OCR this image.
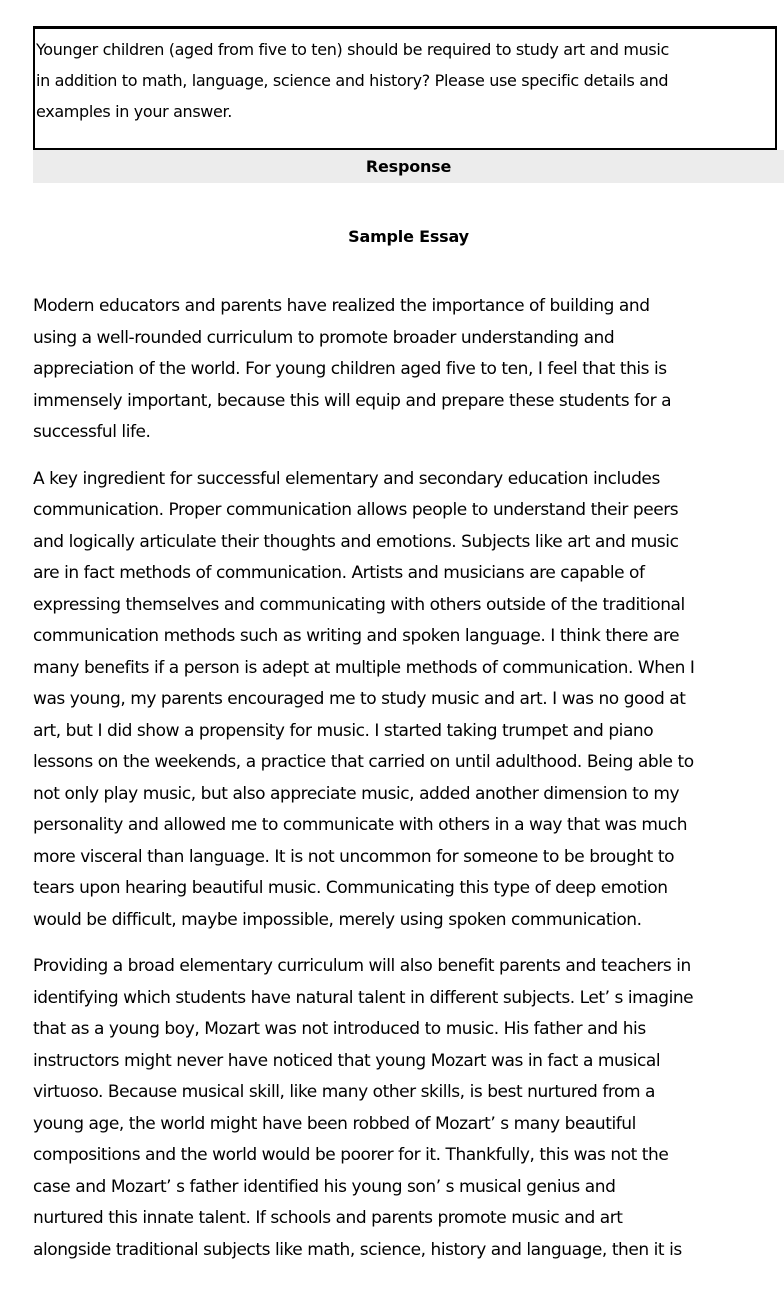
Younger children (aged from five to ten) should be required to study art and music
in addition to math, language, science and history? Please use specific details and
examples in your answer.
Response
Sample Essay
Modern educators and parents have realized the importance of building and
using a well-rounded curriculum to promote broader understanding and
appreciation of the world. For young children aged five to ten, I feel that this is
immensely important, because this will equip and prepare these students for a
successful life.
A key ingredient for successful elementary and secondary education includes
communication. Proper communication allows people to understand their peers
and logically articulate their thoughts and emotions. Subjects like art and music
are in fact methods of communication. Artists and musicians are capable of
expressing themselves and communicating with others outside of the traditional
communication methods such as writing and spoken language. I think there are
many benefits if a person is adept at multiple methods of communication. When I
was young, my parents encouraged me to study music and art. I was no good at
art, but I did show a propensity for music. I started taking trumpet and piano
lessons on the weekends, a practice that carried on until adulthood. Being able to
not only play music, but also appreciate music, added another dimension to my
personality and allowed me to communicate with others in a way that was much
more visceral than language. It is not uncommon for someone to be brought to
tears upon hearing beautiful music. Communicating this type of deep emotion
would be difficult, maybe impossible, merely using spoken communication.
Providing a broad elementary curriculum will also benefit parents and teachers in
identifying which students have natural talent in different subjects. Let’ s imagine
that as a young boy, Mozart was not introduced to music. His father and his
instructors might never have noticed that young Mozart was in fact a musical
virtuoso. Because musical skill, like many other skills, is best nurtured from a
young age, the world might have been robbed of Mozart’ s many beautiful
compositions and the world would be poorer for it. Thankfully, this was not the
case and Mozart’ s father identified his young son’ s musical genius and
nurtured this innate talent. If schools and parents promote music and art
alongside traditional subjects like math, science, history and language, then it is
